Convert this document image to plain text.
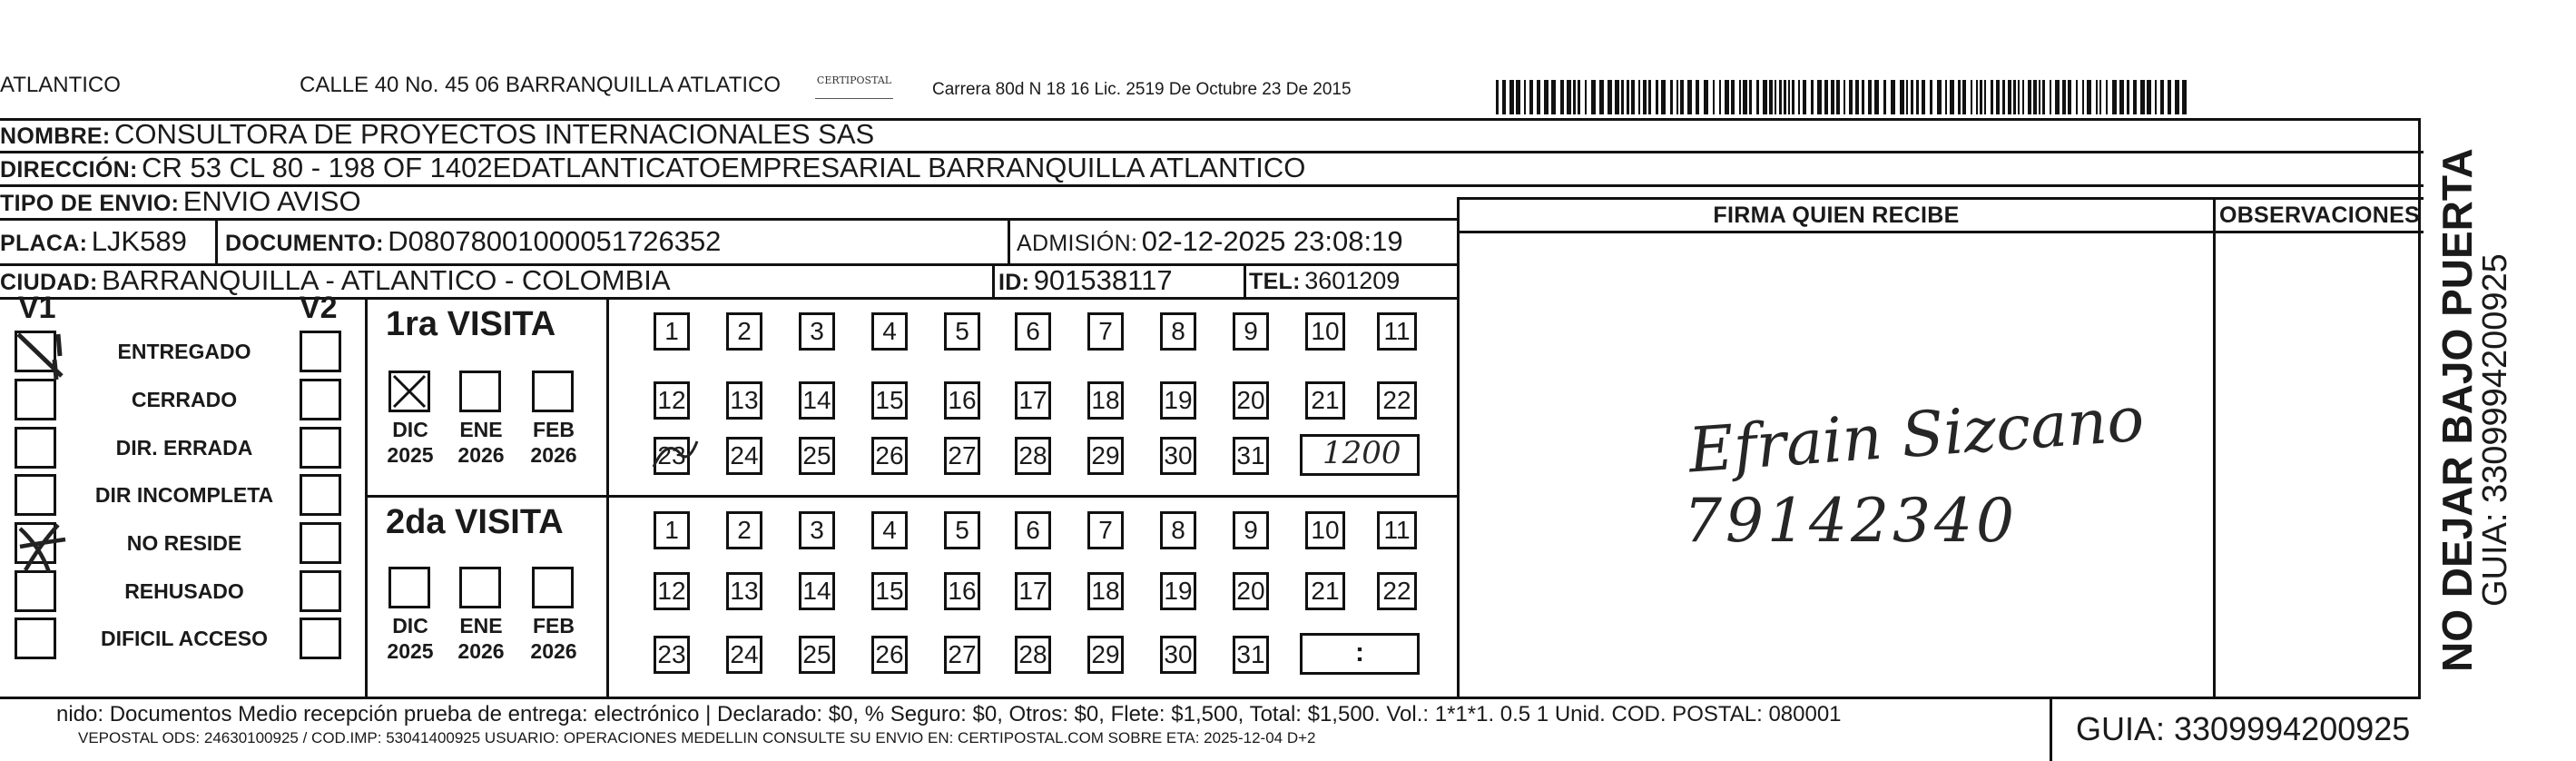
ATLANTICO	CALLE 40 No. 45 06 BARRANQUILLA ATLATICO	CERTIPOSTAL Carrera 80d N 18 16 Lic. 2519 De Octubre 23 De 2015
NOMBRE: CONSULTORA DE PROYECTOS INTERNACIONALES SAS
DIRECCIÓN: CR 53 CL 80 - 198 OF 1402EDATLANTICATOEMPRESARIAL BARRANQUILLA ATLANTICO
TIPO DE ENVIO: ENVIO AVISO	FIRMA QUIEN RECIBE	OBSERVACIONES
PLACA: LJK589 DOCUMENTO: D0807800100005172635​2	ADMISIÓN: 02-12-2025 23:08:19
CIUDAD: BARRANQUILLA - ATLANTICO - COLOMBIA	ID: 901538117	TEL: 3601209
V1	V2
ENTREGADO
CERRADO
DIR. ERRADA
DIR INCOMPLETA
NO RESIDE
REHUSADO
DIFICIL ACCESO
1ra VISITA
DIC
2025
ENE
2026
FEB
2026
2da VISITA
DIC
2025
ENE
2026
FEB
2026
1	2	3	4	5	6	7	8	9	10 11
12 13 14 15 16 17 18 19 20 21 22
23 24 25 26 27 28 29 30 31
1	2	3	4	5	6	7	8	9	10 11
12 13 14 15 16 17 18 19 20 21 22
23 24 25 26 27 28 29 30 31
1200
:
Efrain Sizcano
79142340	NO DEJAR BAJO PUERTA
GUIA: 3309994200925
nido: Documentos Medio recepción prueba de entrega: electrónico | Declarado: $0, % Seguro: $0, Otros: $0, Flete: $1,500, Total: $1,500. Vol.: 1*1*1. 0.5 1 Unid. COD. POSTAL: 080001
VEPOSTAL ODS: 24630100925 / COD.IMP: 53041400925 USUARIO: OPERACIONES MEDELLIN CONSULTE SU ENVIO EN: CERTIPOSTAL.COM SOBRE ETA: 2025-12-04 D+2	GUIA: 3309994200925
